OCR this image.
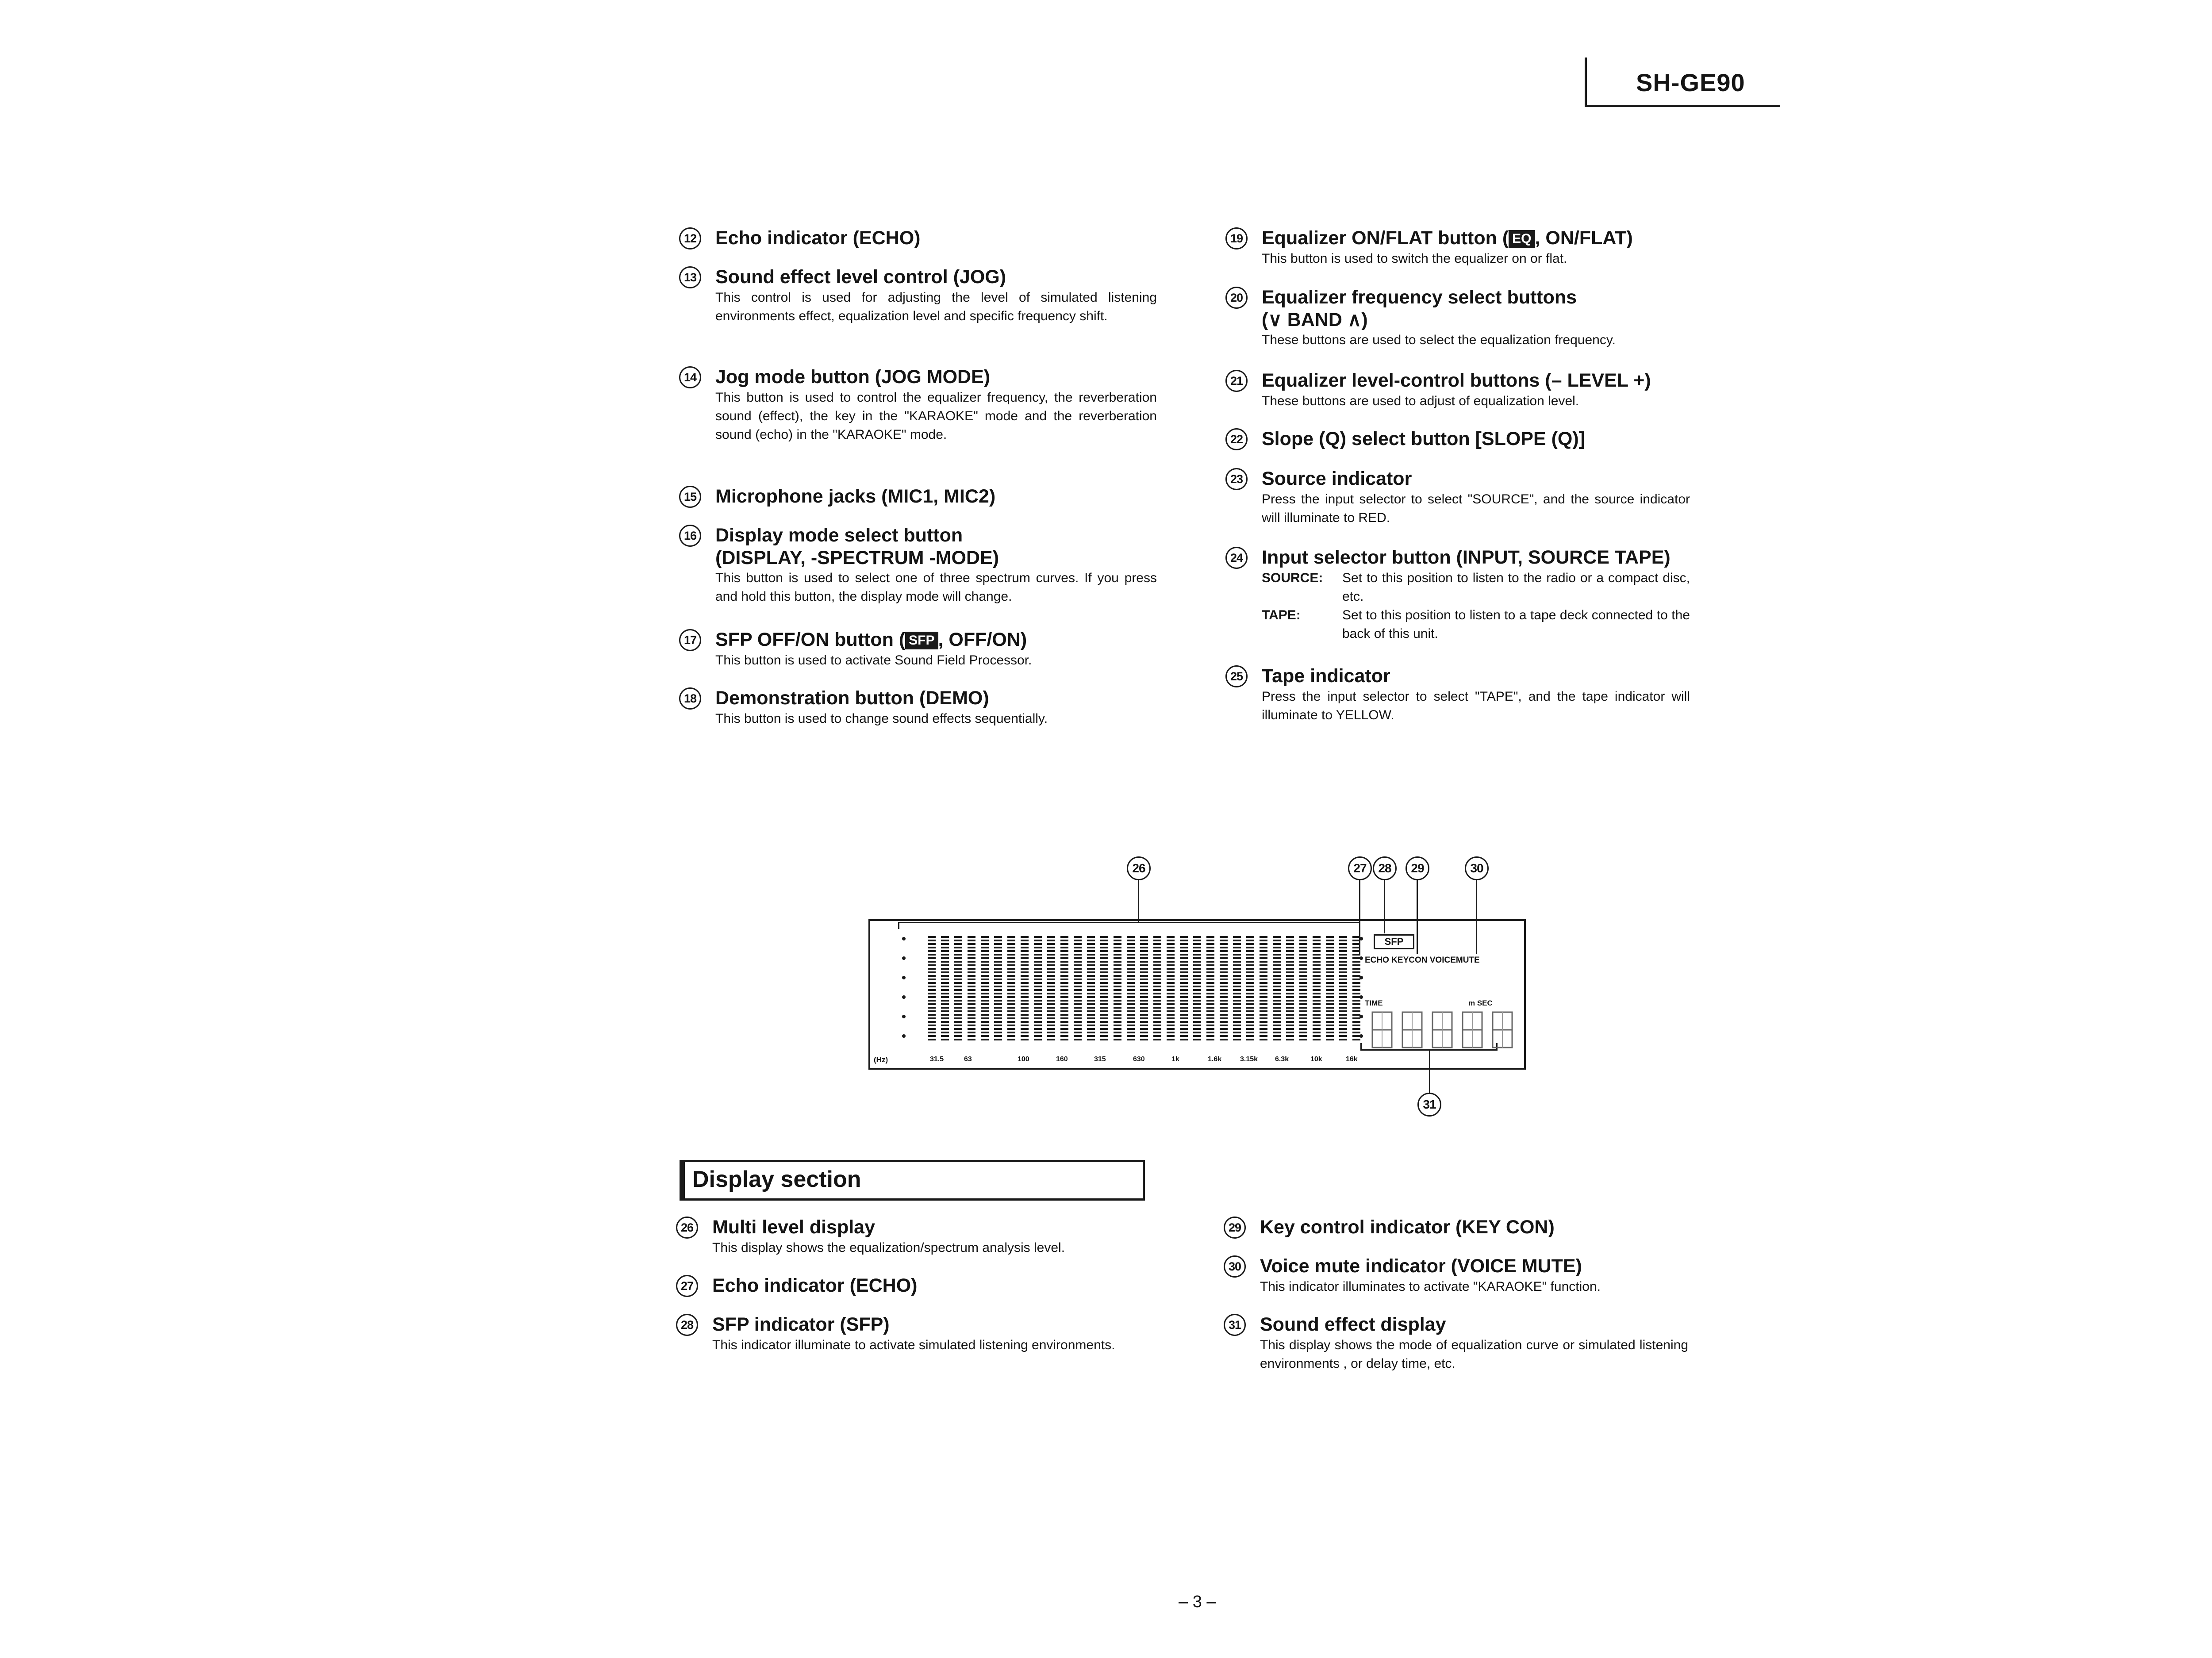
SH-GE90
12 Echo indicator (ECHO)
13 Sound effect level control (JOG)
This control is used for adjusting the level of simulated listening environments effect, equalization level and specific frequency shift.
14 Jog mode button (JOG MODE)
This button is used to control the equalizer frequency, the reverberation sound (effect), the key in the "KARAOKE" mode and the reverberation sound (echo) in the "KARAOKE" mode.
15 Microphone jacks (MIC1, MIC2)
16 Display mode select button
(DISPLAY, -SPECTRUM -MODE)
This button is used to select one of three spectrum curves. If you press and hold this button, the display mode will change.
17 SFP OFF/ON button ( SFP , OFF/ON)
This button is used to activate Sound Field Processor.
18 Demonstration button (DEMO)
This button is used to change sound effects sequentially.
19 Equalizer ON/FLAT button ( EQ , ON/FLAT)
This button is used to switch the equalizer on or flat.
20 Equalizer frequency select buttons
(∨ BAND ∧)
These buttons are used to select the equalization frequency.
21 Equalizer level-control buttons (– LEVEL +)
These buttons are used to adjust of equalization level.
22 Slope (Q) select button [SLOPE (Q)]
23 Source indicator
Press the input selector to select "SOURCE", and the source indicator will illuminate to RED.
24 Input selector button (INPUT, SOURCE TAPE)
SOURCE:	Set to this position to listen to the radio or a compact disc, etc.
TAPE:	Set to this position to listen to a tape deck connected to the back of this unit.
25 Tape indicator
Press the input selector to select "TAPE", and the tape indicator will illuminate to YELLOW.
26	27 28	29	30
31
(Hz)	31.5	63	100	160	315	630	1k	1.6k	3.15k 6.3k	10k	16k
SFP
ECHO KEYCON VOICEMUTE
TIME	m SEC
Display section
26 Multi level display
This display shows the equalization/spectrum analysis level.
27 Echo indicator (ECHO)
28 SFP indicator (SFP)
This indicator illuminate to activate simulated listening environments.
29 Key control indicator (KEY CON)
30 Voice mute indicator (VOICE MUTE)
This indicator illuminates to activate "KARAOKE" function.
31 Sound effect display
This display shows the mode of equalization curve or simulated listening environments , or delay time, etc.
– 3 –
